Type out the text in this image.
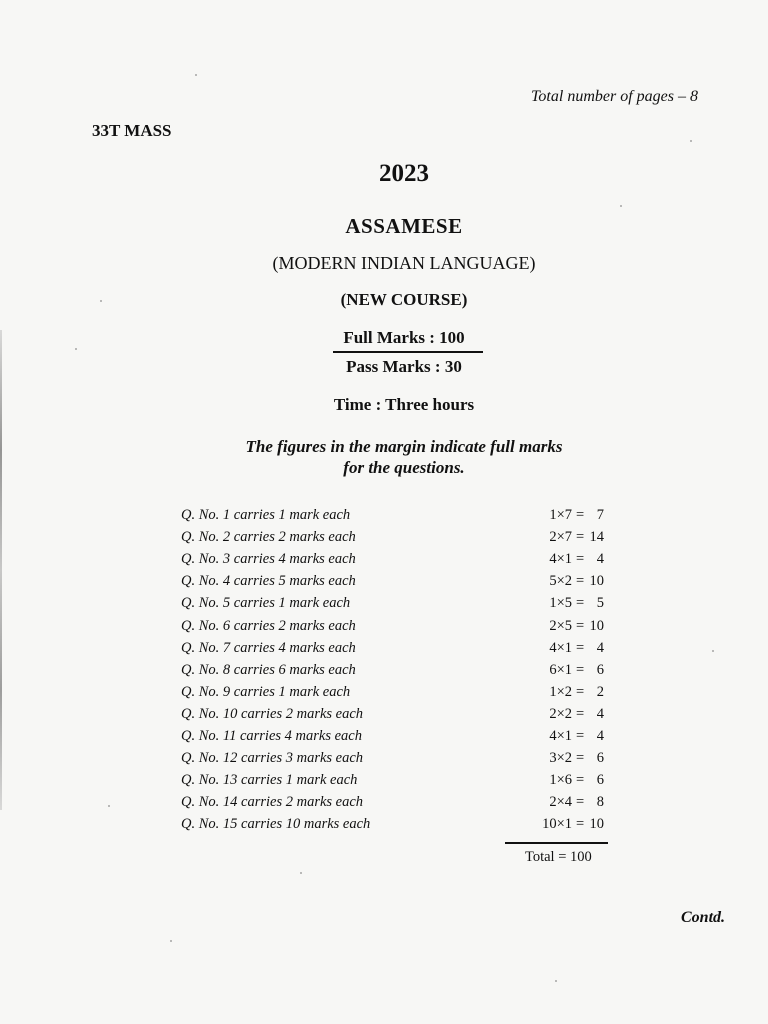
Total number of pages – 8
33T MASS
2023
ASSAMESE
(MODERN INDIAN LANGUAGE)
(NEW COURSE)
Full Marks : 100
Pass Marks : 30
Time : Three hours
The figures in the margin indicate full marks
for the questions.
Q. No. 1 carries 1 mark each	1×7 = 7
Q. No. 2 carries 2 marks each	2×7 = 14
Q. No. 3 carries 4 marks each	4×1 = 4
Q. No. 4 carries 5 marks each	5×2 = 10
Q. No. 5 carries 1 mark each	1×5 = 5
Q. No. 6 carries 2 marks each	2×5 = 10
Q. No. 7 carries 4 marks each	4×1 = 4
Q. No. 8 carries 6 marks each	6×1 = 6
Q. No. 9 carries 1 mark each	1×2 = 2
Q. No. 10 carries 2 marks each	2×2 = 4
Q. No. 11 carries 4 marks each	4×1 = 4
Q. No. 12 carries 3 marks each	3×2 = 6
Q. No. 13 carries 1 mark each	1×6 = 6
Q. No. 14 carries 2 marks each	2×4 = 8
Q. No. 15 carries 10 marks each	10×1 = 10
Total = 100
Contd.
